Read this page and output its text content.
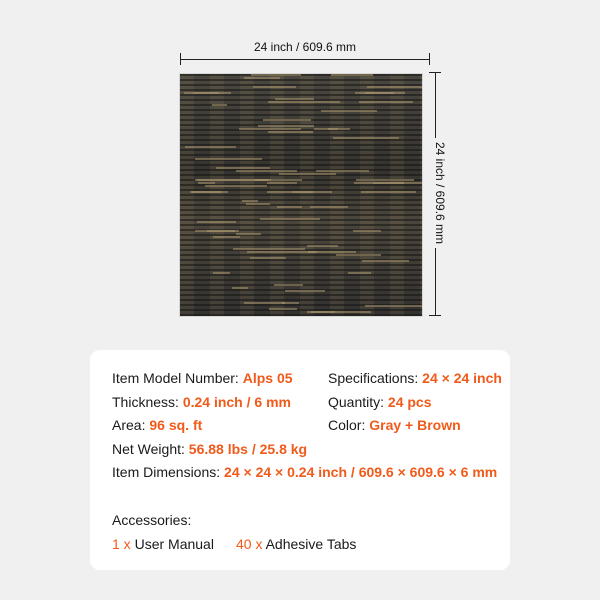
24 inch / 609.6 mm
24 inch / 609.6 mm
Item Model Number: Alps 05	Specifications: 24 × 24 inch
Thickness: 0.24 inch / 6 mm	Quantity: 24 pcs
Area: 96 sq. ft	Color: Gray + Brown
Net Weight: 56.88 lbs / 25.8 kg
Item Dimensions: 24 × 24 × 0.24 inch / 609.6 × 609.6 × 6 mm
Accessories:
1 x User Manual 40 x Adhesive Tabs
